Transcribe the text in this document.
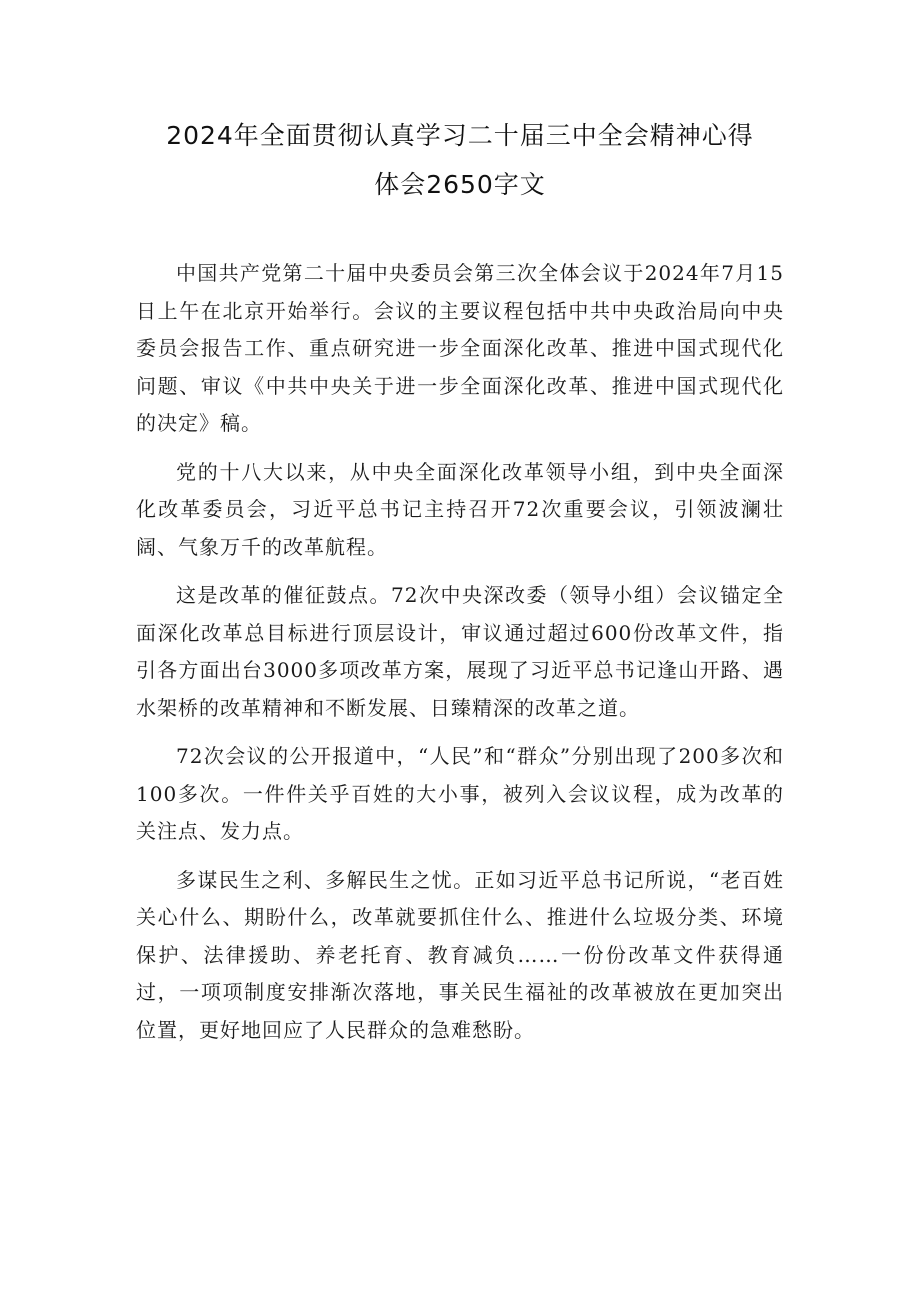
2024年全面贯彻认真学习二十届三中全会精神心得
体会2650字文

中国共产党第二十届中央委员会第三次全体会议于2024年7月15日上午在北京开始举行。会议的主要议程包括中共中央政治局向中央委员会报告工作、重点研究进一步全面深化改革、推进中国式现代化问题、审议《中共中央关于进一步全面深化改革、推进中国式现代化的决定》稿。

党的十八大以来，从中央全面深化改革领导小组，到中央全面深化改革委员会，习近平总书记主持召开72次重要会议，引领波澜壮阔、气象万千的改革航程。

这是改革的催征鼓点。72次中央深改委（领导小组）会议锚定全面深化改革总目标进行顶层设计，审议通过超过600份改革文件，指引各方面出台3000多项改革方案，展现了习近平总书记逢山开路、遇水架桥的改革精神和不断发展、日臻精深的改革之道。

72次会议的公开报道中，“人民”和“群众”分别出现了200多次和100多次。一件件关乎百姓的大小事，被列入会议议程，成为改革的关注点、发力点。

多谋民生之利、多解民生之忧。正如习近平总书记所说，“老百姓关心什么、期盼什么，改革就要抓住什么、推进什么垃圾分类、环境保护、法律援助、养老托育、教育减负……一份份改革文件获得通过，一项项制度安排渐次落地，事关民生福祉的改革被放在更加突出位置，更好地回应了人民群众的急难愁盼。
